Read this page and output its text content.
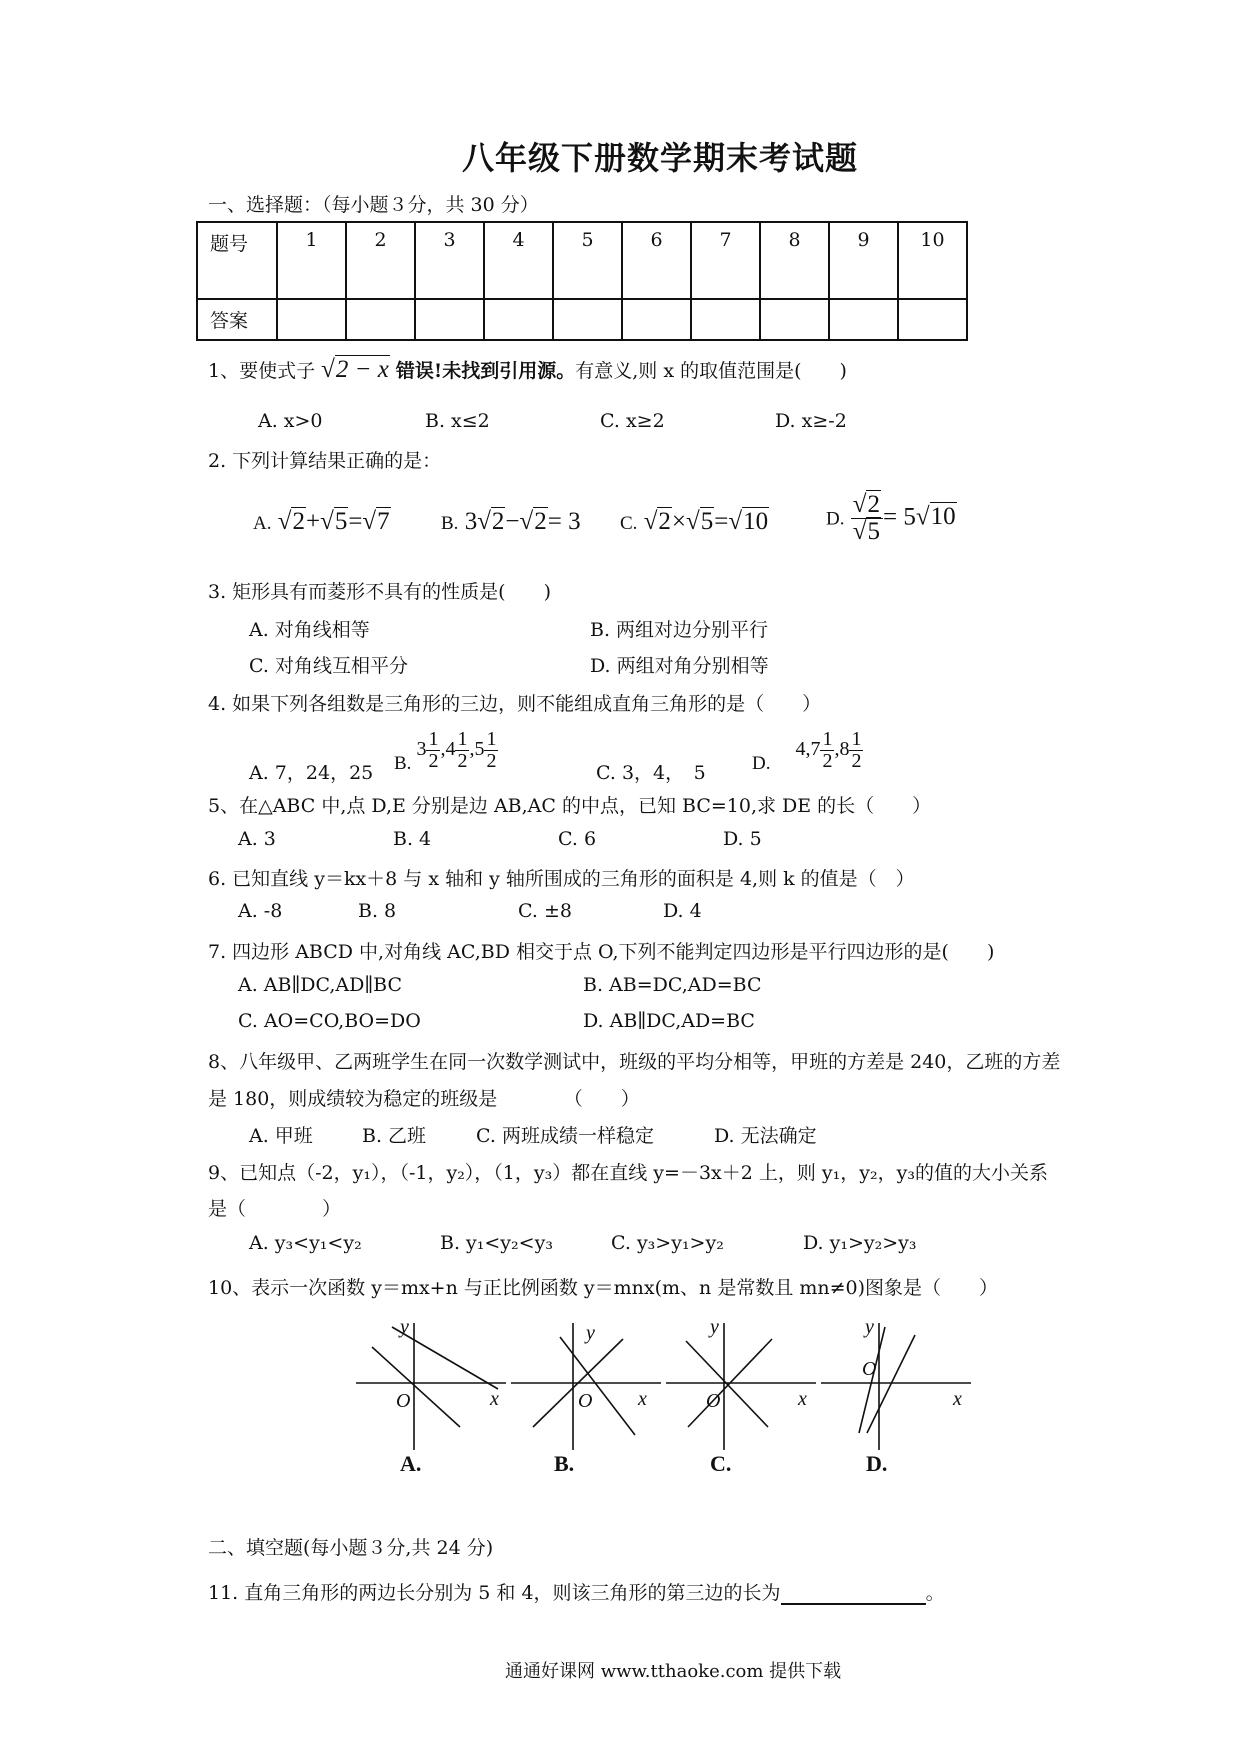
八年级下册数学期末考试题
一、选择题：（每小题３分，共 30 分）
题号	1	2	3	4	5	6	7	8	9	10
答案										
1、要使式子 √2 − x 错误!未找到引用源。有意义,则 x 的取值范围是(　　)
A. x>0	B. x≤2	C. x≥2	D. x≥-2
2. 下列计算结果正确的是：
A. √2+√5=√7	B. 3√2−√2= 3 C. √2×√5=√10	D. $\frac{√2}{√5} = 5√10$
3. 矩形具有而菱形不具有的性质是(　　)
A. 对角线相等	B. 两组对边分别平行
C. 对角线互相平分	D. 两组对角分别相等
4. 如果下列各组数是三角形的三边，则不能组成直角三角形的是（　　）
A. 7，24，25 B. $3 \frac{1}{2} ,4 \frac{1}{2} ,5 \frac{1}{2}$
C. 3，4，　5 D. $4,7 \frac{1}{2} ,8 \frac{1}{2}$
5、在△ABC 中,点 D,E 分别是边 AB,AC 的中点，已知 BC=10,求 DE 的长（　　）
A. 3	B. 4	C. 6	D. 5
6. 已知直线 y＝kx＋8 与 x 轴和 y 轴所围成的三角形的面积是 4,则 k 的值是（　）
A. -8	B. 8	C. ±8	D. 4
7. 四边形 ABCD 中,对角线 AC,BD 相交于点 O,下列不能判定四边形是平行四边形的是(　　)
A. AB∥DC,AD∥BC	B. AB=DC,AD=BC
C. AO=CO,BO=DO	D. AB∥DC,AD=BC
8、八年级甲、乙两班学生在同一次数学测试中，班级的平均分相等，甲班的方差是 240，乙班的方差
是 180，则成绩较为稳定的班级是　　　　（　　）
A. 甲班	B. 乙班	C. 两班成绩一样稳定	D. 无法确定
9、已知点（-2，y₁），（-1，y₂），（1，y₃）都在直线 y=－3x＋2 上，则 y₁，y₂，y₃的值的大小关系
是（　　　　）
A. y₃<y₁<y₂	B. y₁<y₂<y₃	C. y₃>y₁>y₂	D. y₁>y₂>y₃
10、表示一次函数 y＝mx+n 与正比例函数 y＝mnx(m、n 是常数且 mn≠0)图象是（　　）
y
x
O
y
x
O
y
x
O
y
x
O
A.	B.	C.	D.
二、填空题(每小题３分,共 24 分)
11. 直角三角形的两边长分别为 5 和 4，则该三角形的第三边的长为	。
通通好课网 www.tthaoke.com 提供下载
